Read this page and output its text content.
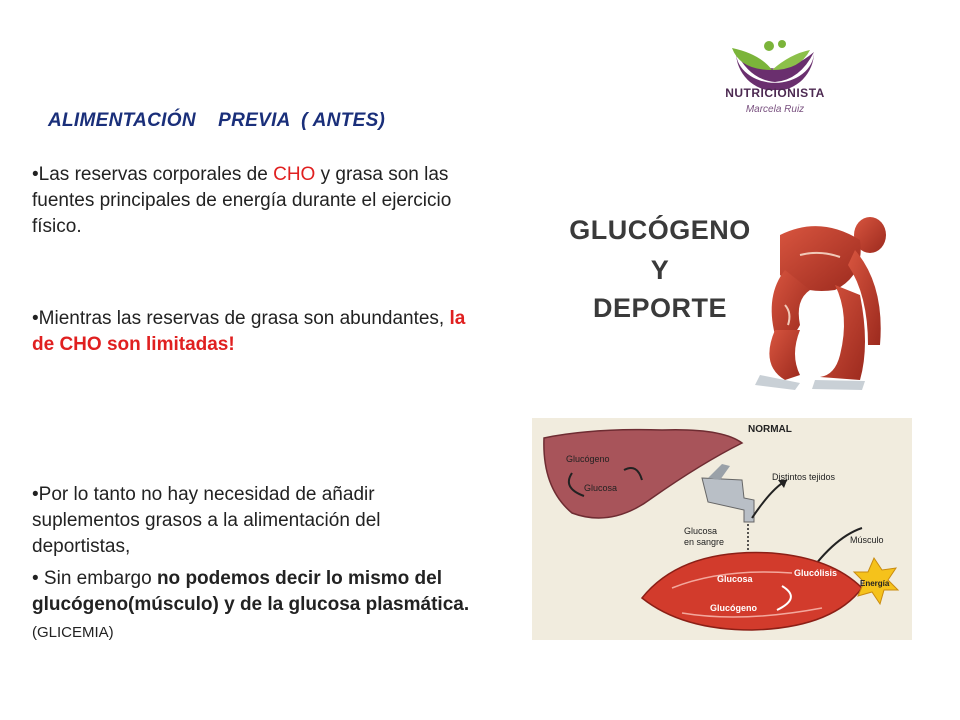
ALIMENTACIÓN    PREVIA  ( ANTES)
NUTRICIONISTA
Marcela Ruiz
•Las reservas corporales de CHO y grasa son las fuentes principales de energía durante el ejercicio físico.
•Mientras las reservas de grasa son abundantes, la de CHO son limitadas!
•Por lo tanto no hay necesidad de añadir suplementos grasos a la alimentación del deportistas,
• Sin embargo no podemos decir lo mismo del glucógeno(músculo) y de la glucosa plasmática. (GLICEMIA)
GLUCÓGENO
Y
DEPORTE
NORMAL
Glucógeno
Glucosa
Distintos tejidos
Glucosa
en sangre	Músculo
Glucosa
Glucólisis
Energía
Glucógeno
